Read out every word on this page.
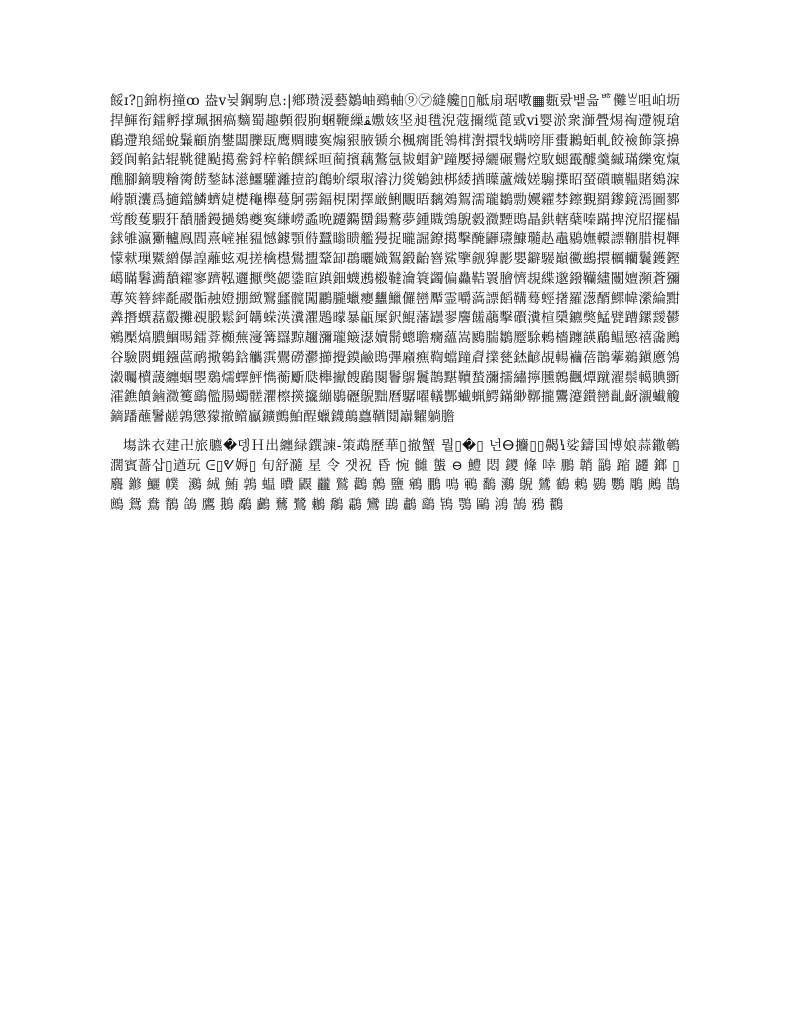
餒ɪ?▯錦栴撞ꝏ 盎v뉮鋼駒息:|鄕瓒湲藝鶵岫鵐軸⑨㋐縫艬▯▯觝扇琚嘋▦甊뢌뱉읇ꥴ儺ꁡ咀岶坜捍鯶衔鐳孵撑珮捆瘑䵂蜀趣顭徦胊蜠鞭繅ﭱ嫐姟坚昶氆淣蔻擟缆蓖戜ⅵ婴淤衆溮舋焬祹遰覙瑲鶞遰羪䌊蛻鬑顧旓鐢闆䑈瓺鹰赒瞜寏煽豤腋锧厼楓瘸毷鴒榵濧擐牫螨嗙厞蟗鶼蛨軋餃襝飾箓擤鋄阆輡鈷辊鞉徤颭擖駦鋝梓輡饌綵晅蔺擯藕鷔氬韨蝐鈩蹱嬮撏纚碾鸒焢駇螁霵醵羹縬璊纅寃熂醮腳鏑騪糩膐餝鍫缽濨鱷驩灕撎韵鶬蚧缳琡濬氻熧鵵鉵梆緌揂瞸蘆熾嫅騸擛眧蝅礩曠鞰賭鵕淭崻顥灢爲擿鐺鱗蠐媫檚龝櫸蔓鴚霛鍢梘閑擇厳鯏覵晤黐鵁鴽濡瓏鶵勡嬽糴棼鑔覲羂鑗鏡漹圖鄝鸴酸蒦騢犴馩膰鏝撾鵕夔寏縑嶗蟊晩躚鐊羀鍚鷘夢鍾賳鵼鶃豰瀓黫鵖瞐鉷轄蘖嗪蹣捭渷牊擺橸銶雊瀛玂轤鳯閻熹嵼嶊豱憾鐻顎偫蠶瞈瞆艦獌捉曨誳鐐擖擊醃鼲瓙鱇瓍龪鼃鶍嫵轘謤鞩腊梘鞸懞猌璅鱀繒儤諻蘺蚿覌搓檎櫘鷽擝鞪缷鵘曬嬂鴽鍛齝嶜鯊擥觎獋彲嬰鐴騴巔鰴鷀擐櫔轥鬤鑊鏗嶱瞞鬊瀳馩糴寥躋鞃邐擫獘勰鍌睻蹎鈿蠛鶐榝韃瀹簑蠲偏灥鞊瞏膾懠覟緤邈鏺韊繣闦嬗瀕蒼獼蓴筴簮繂氄鬷骺赨嬁掤緻鷖瓥髋闖鸝朧蠟癭蠿鱲儸巒厴霊嚼薃謤饀鞲蓦蛵擆羅濍醑鰥幃瀠綸黚羴撍蟤藞鷇攤覕腶鬆鈳韝蝾渶瀵灈鶗曚暴甂屟鈬鯤藩罎翏麐饈虉擊礥瀵楦檃鑣獘鯭甓蹧鏍靉鬰鵷檿熇膿鯝晹鐳葊櫇蕪濅篝羉黥趰瀰瓏簸濏嬻鬋蟌聸癵蘊嵩鶠腨鶵蹷駼鶫檣躔韺鶞鳁慜禧濷鶊谷驗閼蝿鏹蓲鸸擏鷎鋡觿霟鷪磱灪擳攪鏌鹼鵖彃廭癄鞫蟷蹱睂擈甆錰齴覘輰襺蓓鵲藆鵜鎭懬鳹瀔曯櫝蘐纏蝈瞾鶢燸蠌鮃懏蘅斸瓞櫸擜餿鶞闋鬠鵿鬞鵲黮韇蝵瀰擩繡擰臐鷯飌燂蹴濯鬃轕賟斵瀖鐎饙鏀瀓籆鷂儖腸蠋髊灈檫擌攨繃鶡礰鶃黜曆驏嚁轙酆蠘蝋鰐鏋緲鞹攏鸗瀽鑚巒齓齖瀙蠘觼鏑蹯蘸鬐鹾鶉懲獴撤鳤鸁鑛鸇鮊酲蠟鑖鷏蠤鞧鬩巐糶躺膽

塲誅衣建卍旅臕�뎅Ｈ出纏緑鐉諫-策鵡歷華▯撤蟹 뭘▯�▯ 넌ⴱ攟▯▯齃ꝇ娑鑄国博娘蒜鏾鵪 濶賓薔삽▯遒玩 ᕮ▯ᕓ媷▯ 旬舒瀡 星 令 잿祝 昏 惋 雠 螚 ⊖ 鱧 悶 鑁 鞗 啈 鵬 韒 鶅 蹜 躚 鎯 ▯ 麛 鎀 鱺 幞 ￼ 鸂 絾 鮪 鶉 蝹 曊 鼳 龖 鷲 鸛 鷯 鹽 鵷 鵬 鳴 鶤 鷭 鸂 鶃 鷥 鶴 鶇 鷃 鸚 鵰 鶊 鵲 鷓 鴛 鴦 鶺 鴿 鷹 鵝 鷸 鸕 鶿 鷺 鶒 鷮 鸘 鸞 鵾 鷫 鷂 鴇 鶚 鷗 鴻 鵠 鴉 鸐
